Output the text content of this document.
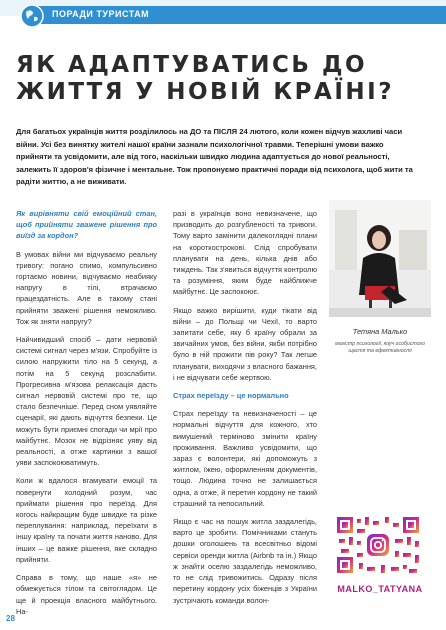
ПОРАДИ ТУРИСТАМ
ЯК АДАПТУВАТИСЬ ДО
ЖИТТЯ У НОВІЙ КРАЇНІ?
Для багатьох українців життя розділилось на ДО та ПІСЛЯ 24 лютого, коли кожен відчув жахливі часи війни. Усі без винятку жителі нашої країни зазнали психологічної травми. Теперішні умови важко прийняти та усвідомити, але від того, наскільки швидко людина адаптується до нової реальності, залежить її здоров'я фізичне і ментальне. Тож пропонуємо практичні поради від психолога, щоб жити та радіти життю, а не виживати.

Як вирівняти свій емоційний стан, щоб прийняти зважене рішення про виїзд за кордон?

В умовах війни ми відчуваємо реальну тривогу: погано спимо, компульсивно гортаємо новини, відчуваємо неабияку напругу в тілі, втрачаємо працездатність. Але в такому стані прийняти зважені рішення неможливо. Тож як зняти напругу?

Найчивидший спосіб – дати нервовій системі сигнал через м'язи. Спробуйте із силою напружити тіло на 5 секунд, а потім на 5 секунд розслабити. Прогресивна м'язова релаксація дасть сигнал нервовій системі про те, що стало безпечніше. Перед сном уявляйте сценарії, які дають відчуття безпеки. Це можуть бути приємні спогади чи мрії про майбутнє. Мозок не відрізняє уяву від реальності, а отже картинки з вашої уяви заспокоюватимуть.

Коли ж вдалося вгамувати емоції та повернути холодний розум, час приймати рішення про переїзд. Для когось найкращим буде швидке та різке переплування: наприклад, переїхати в іншу країну та почати життя наново. Для інших – це важке рішення, яке складно прийняти.

Справа в тому, що наше «я» не обмежується тілом та світоглядом. Це ще й проекція власного майбутнього. На-

разі в українців воно невизначене, що призводить до розгубленості та тривоги. Тому варто замінити далекоглядні плани на короткострокові. Слід спробувати планувати на день, кілька днів або тиждень. Так з'явиться відчуття контролю та розуміння, яким буде найближче майбутнє. Це заспокоює.

Якщо важко вирішити, куди тікати від війни – до Польщі чи Чехії, то варто запитати себе, яку б країну обрали за звичайних умов, без війни, якби потрібно було в ній прожити пів року? Так легше планувати, виходячи з власного бажання, і не відчувати себе жертвою.

Страх переїзду – це нормально

Страх переїзду та невизначеності – це нормальні відчуття для кожного, хто вимушений терміново змінити країну проживання. Важливо усвідомити, що зараз є волонтери, які допоможуть з житлом, їжею, оформленням документів, тощо. Людина точно не залишається одна, а отже, й перетин кордону не такий страшний та непосильний.

Якщо є час на пошук житла заздалегідь, варто це зробити. Помічниками стануть дошки оголошень та всесвітньо відомі сервіси оренди житла (Airbnb та ін.) Якщо ж знайти оселю заздалегідь неможливо, то не слід тривожитись. Одразу після перетину кордону усіх біженців з України зустрічають команди волон-

Тетяна Малько
магістр психології, коуч особистого щастя та ефективності
MALKO_TATYANA
28
